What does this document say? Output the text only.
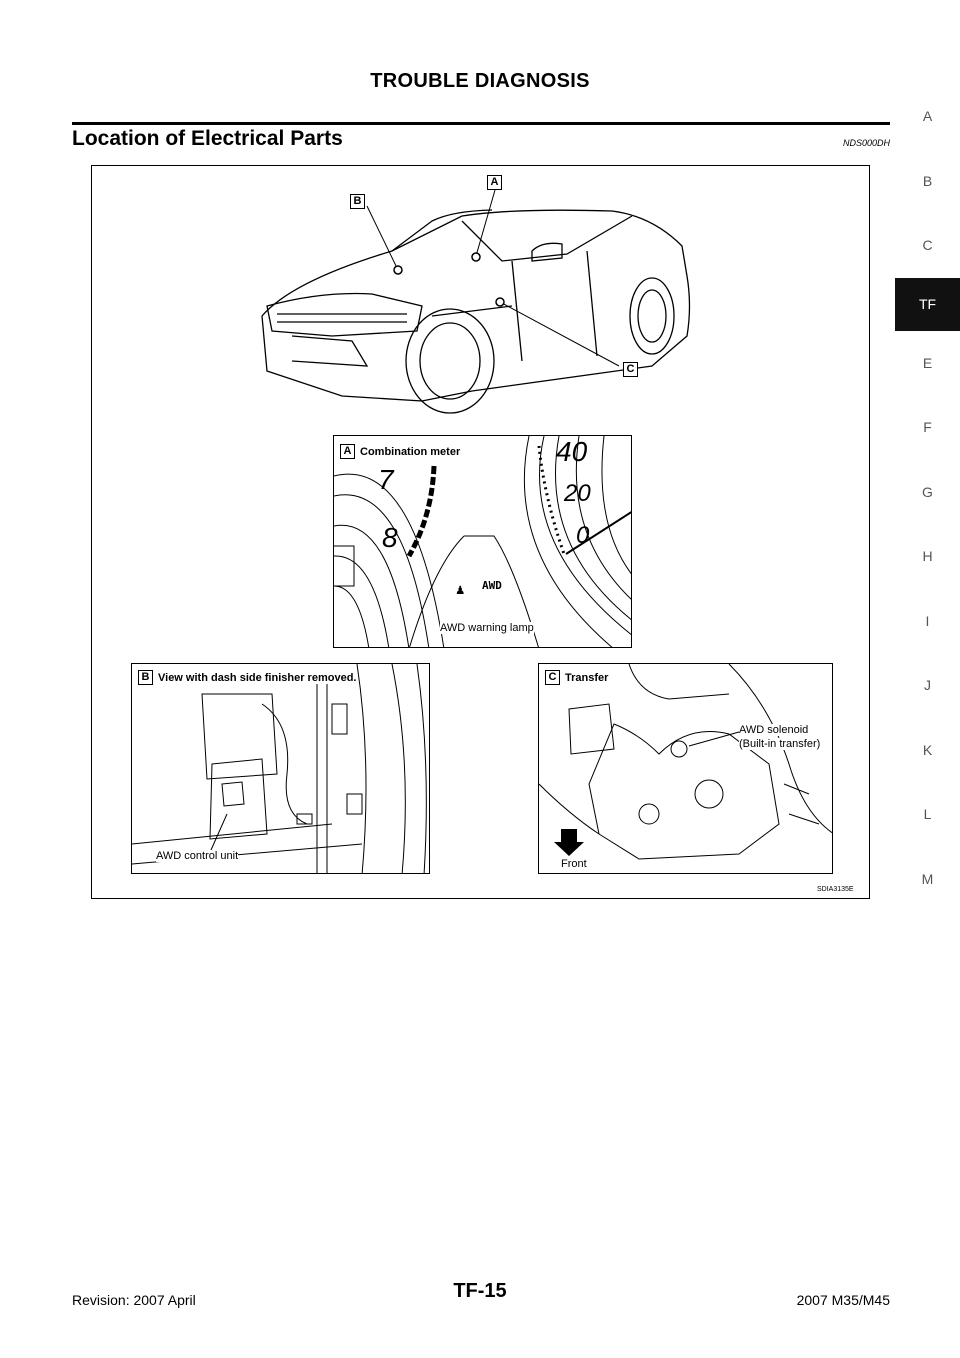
TROUBLE DIAGNOSIS
Location of Electrical Parts	NDS000DH
A
B
C
TF
E
F
G
H
I
J
K
L
M
B
A
C
♟
A Combination meter
7
8
40
20
0
AWD
AWD warning lamp
B View with dash side finisher removed.
AWD control unit
C Transfer
AWD solenoid
(Built-in transfer)
Front
SDIA3135E
Revision: 2007 April	TF-15	2007 M35/M45
